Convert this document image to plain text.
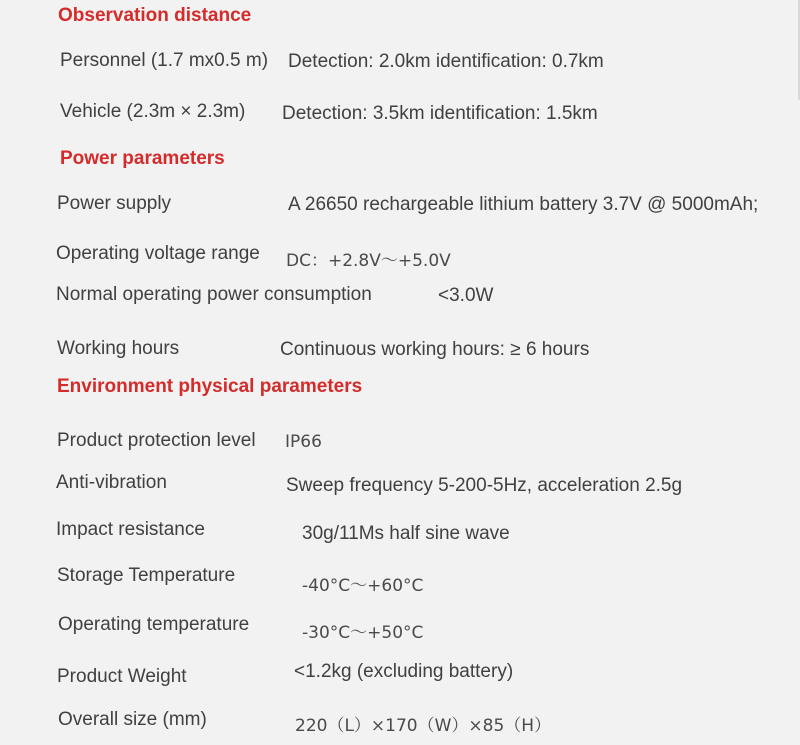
Observation distance
Personnel (1.7 mx0.5 m) Detection: 2.0km identification: 0.7km
Vehicle (2.3m × 2.3m) Detection: 3.5km identification: 1.5km
Power parameters
Power supply	A 26650 rechargeable lithium battery 3.7V @ 5000mAh;
Operating voltage range DC：+2.8V～+5.0V
Normal operating power consumption	<3.0W
Working hours	Continuous working hours: ≥ 6 hours
Environment physical parameters
Product protection level IP66
Anti-vibration	Sweep frequency 5-200-5Hz, acceleration 2.5g
Impact resistance	30g/11Ms half sine wave
Storage Temperature	-40°C～+60°C
Operating temperature	-30°C～+50°C
Product Weight	<1.2kg (excluding battery)
Overall size (mm)	220（L）×170（W）×85（H）
